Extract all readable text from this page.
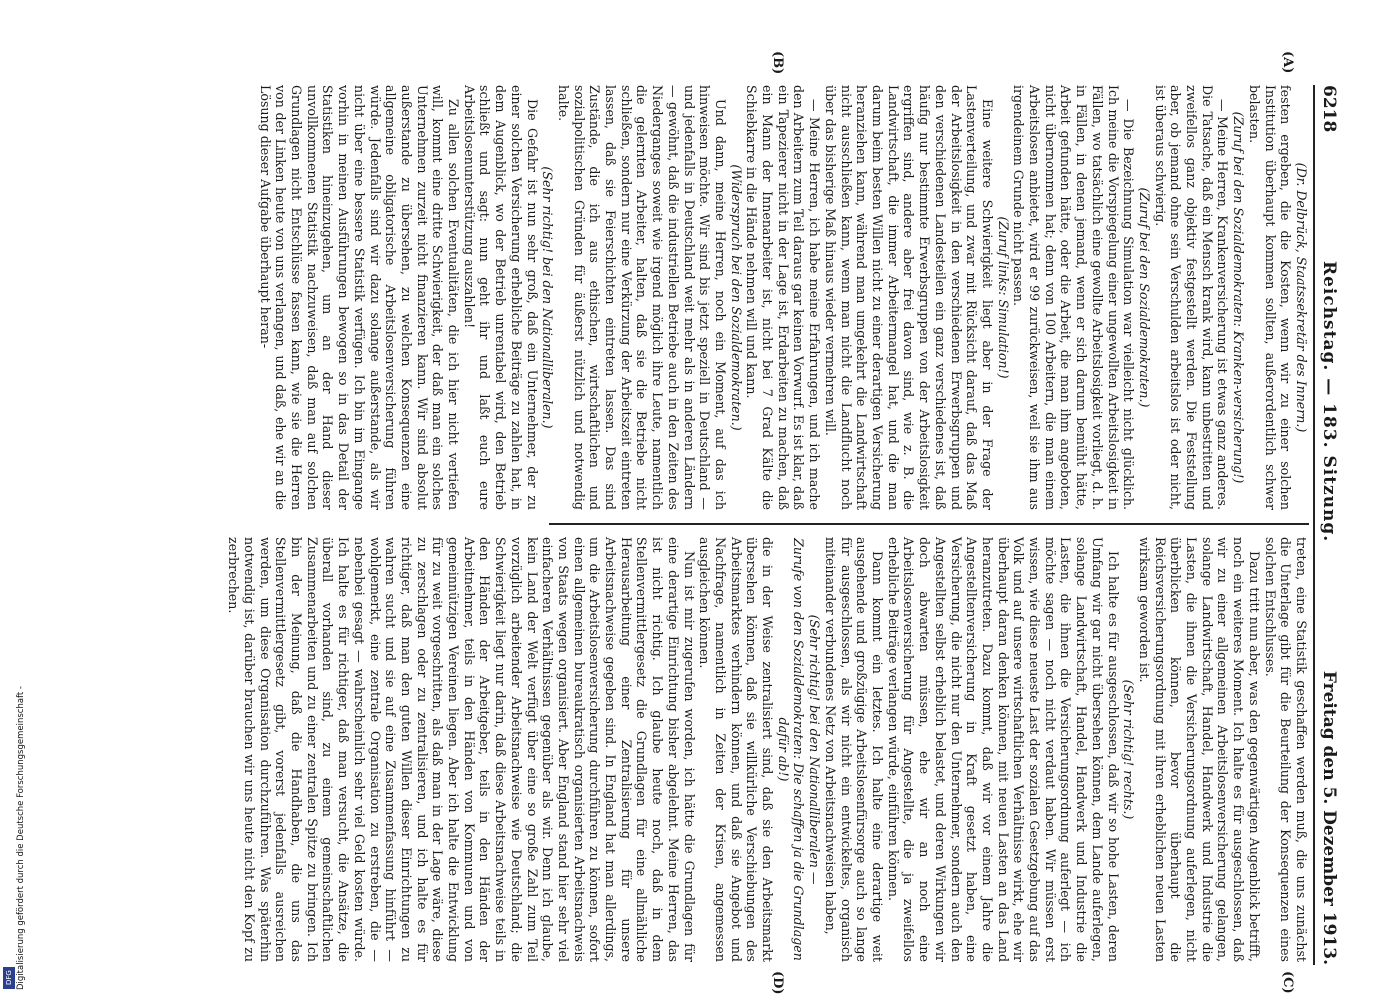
6218
Reichstag. — 183. Sitzung.
Freitag den 5. Dezember 1913.

(Dr. Delbrück, Staatssekretär des Innern.)

festen ergeben, die die Kosten, wenn wir zu einer solchen Institution überhaupt kommen sollten, außerordentlich schwer belasten.

(Zuruf bei den Sozialdemokraten: Kranken-versicherung!)

— Meine Herren, Krankenversicherung ist etwas ganz anderes. Die Tatsache, daß ein Mensch krank wird, kann unbestritten und zweifellos ganz objektiv festgestellt werden. Die Feststellung aber, ob jemand ohne sein Verschulden arbeitslos ist oder nicht, ist überaus schwierig.

(Zuruf bei den Sozialdemokraten.)

— Die Bezeichnung Simulation war vielleicht nicht glücklich. Ich meine die Vorspiegelung einer ungewollten Arbeitslosigkeit in Fällen, wo tatsächlich eine gewollte Arbeitslosigkeit vorliegt, d. h. in Fällen, in denen jemand, wenn er sich darum bemüht hätte, Arbeit gefunden hätte, oder die Arbeit, die man ihm angeboten, nicht übernommen hat; denn von 100 Arbeitern, die man einem Arbeitslosen anbietet, wird er 99 zurückweisen, weil sie ihm aus irgendeinem Grunde nicht passen.

(Zuruf links: Simulation!)

Eine weitere Schwierigkeit liegt aber in der Frage der Lastenverteilung, und zwar mit Rücksicht darauf, daß das Maß der Arbeitslosigkeit in den verschiedenen Erwerbsgruppen und den verschiedenen Landesteilen ein ganz verschiedenes ist, daß häufig nur bestimmte Erwerbsgruppen von der Arbeitslosigkeit ergriffen sind, andere aber frei davon sind, wie z. B. die Landwirtschaft, die immer Arbeitermangel hat, und die man darum beim besten Willen nicht zu einer derartigen Versicherung heranziehen kann, während man umgekehrt die Landwirtschaft nicht ausschließen kann, wenn man nicht die Landflucht noch über das bisherige Maß hinaus wieder vermehren will.

— Meine Herren, ich habe meine Erfahrungen, und ich mache den Arbeitern zum Teil daraus gar keinen Vorwurf. Es ist klar, daß ein Tapezierer nicht in der Lage ist, Erdarbeiten zu machen, daß ein Mann der Innenarbeiter ist, nicht bei 7 Grad Kälte die Schiebkarre in die Hände nehmen will und kann.

(Widerspruch bei den Sozialdemokraten.)

Und dann, meine Herren, noch ein Moment, auf das ich hinweisen möchte. Wir sind bis jetzt speziell in Deutschland — und jedenfalls in Deutschland weit mehr als in anderen Ländern — gewöhnt, daß die industriellen Betriebe auch in den Zeiten des Niederganges soweit wie irgend möglich ihre Leute, namentlich die gelernten Arbeiter, halten, daß sie die Betriebe nicht schließen, sondern nur eine Verkürzung der Arbeitszeit eintreten lassen, daß sie Feierschichten eintreten lassen. Das sind Zustände, die ich aus ethischen, wirtschaftlichen und sozialpolitischen Gründen für äußerst nützlich und notwendig halte.

(Sehr richtig! bei den Nationalliberalen.)

Die Gefahr ist nun sehr groß, daß ein Unternehmer, der zu einer solchen Versicherung erhebliche Beiträge zu zahlen hat, in dem Augenblick, wo der Betrieb unrentabel wird, den Betrieb schließt und sagt: nun geht ihr und laßt euch eure Arbeitslosenunterstützung auszahlen!

Zu allen solchen Eventualitäten, die ich hier nicht vertiefen will, kommt eine dritte Schwierigkeit, der daß man ein solches Unternehmen zurzeit nicht finanzieren kann. Wir sind absolut außerstande zu übersehen, zu welchen Konsequenzen eine allgemeine obligatorische Arbeitslosenversicherung führen würde. Jedenfalls sind wir dazu solange außerstande, als wir nicht über eine bessere Statistik verfügen. Ich bin im Eingange vorhin in meinen Ausführungen bewogen so in das Detail der Statistiken hineinzugehen, um an der Hand dieser unvollkommenen Statistik nachzuweisen, daß man auf solchen Grundlagen nicht Entschlüsse fassen kann, wie sie die Herren von der Linken heute von uns verlangen, und daß, ehe wir an die Lösung dieser Aufgabe überhaupt heran-

treten, eine Statistik geschaffen werden muß, die uns zunächst die Unterlage gibt für die Beurteilung der Konsequenzen eines solchen Entschlusses.

Dazu tritt nun aber, was den gegenwärtigen Augenblick betrifft, noch ein weiteres Moment. Ich halte es für ausgeschlossen, daß wir zu einer allgemeinen Arbeitslosenversicherung gelangen, solange Landwirtschaft, Handel, Handwerk und Industrie die Lasten, die ihnen die Versicherungsordnung auferlegen, nicht überblicken können, bevor überhaupt die Reichsversicherungsordnung mit ihren erheblichen neuen Lasten wirksam geworden ist.

(Sehr richtig! rechts.)

Ich halte es für ausgeschlossen, daß wir so hohe Lasten, deren Umfang wir gar nicht übersehen können, dem Lande auferlegen, solange Landwirtschaft, Handel, Handwerk und Industrie die Lasten, die ihnen die Versicherungsordnung auferlegt — ich möchte sagen — noch nicht verdaut haben. Wir müssen erst wissen, wie diese neueste Last der sozialen Gesetzgebung auf das Volk und auf unsere wirtschaftlichen Verhältnisse wirkt, ehe wir überhaupt daran denken können, mit neuen Lasten an das Land heranzutreten. Dazu kommt, daß wir vor einem Jahre die Angestelltenversicherung in Kraft gesetzt haben, eine Versicherung, die nicht nur den Unternehmer, sondern auch den Angestellten selbst erheblich belastet, und deren Wirkungen wir doch abwarten müssen, ehe wir an noch eine Arbeitslosenversicherung für Angestellte, die ja zweifellos erhebliche Beiträge verlangen würde, einführen können.

Dann kommt ein letztes. Ich halte eine derartige weit ausgehende und großzügige Arbeitslosenfürsorge auch so lange für ausgeschlossen, als wir nicht ein entwickeltes, organisch miteinander verbundenes Netz von Arbeitsnachweisen haben,

(Sehr richtig! bei den Nationalliberalen —

Zurufe von den Sozialdemokraten: Die schaffen ja die Grundlagen dafür ab!)

die in der Weise zentralisiert sind, daß sie den Arbeitsmarkt übersehen können, daß sie willkürliche Verschiebungen des Arbeitsmarktes verhindern können, und daß sie Angebot und Nachfrage, namentlich in Zeiten der Krisen, angemessen ausgleichen können.

Nun ist mir zugerufen worden, ich hätte die Grundlagen für eine derartige Einrichtung bisher abgelehnt. Meine Herren, das ist nicht richtig. Ich glaube heute noch, daß in dem Stellenvermittlergesetz die Grundlagen für eine allmähliche Herausarbeitung einer Zentralisierung für unsere Arbeitsnachweise gegeben sind. In England hat man allerdings, um die Arbeitslosenversicherung durchführen zu können, sofort einen allgemeinen bureaukratisch organisierten Arbeitsnachweis von Staats wegen organisiert. Aber England stand hier sehr viel einfacheren Verhältnissen gegenüber als wir. Denn ich glaube, kein Land der Welt verfügt über eine so große Zahl zum Teil vorzüglich arbeitender Arbeitsnachweise wie Deutschland; die Schwierigkeit liegt nur darin, daß diese Arbeitsnachweise teils in den Händen der Arbeitgeber, teils in den Händen der Arbeitnehmer, teils in den Händen von Kommunen und von gemeinnützigen Vereinen liegen. Aber ich halte die Entwicklung für zu weit vorgeschritten, als daß man in der Lage wäre, diese zu zerschlagen oder zu zentralisieren, und ich halte es für richtiger, daß man den guten Willen dieser Einrichtungen zu wahren sucht und sie auf eine Zusammenfassung hinführt — wohlgemerkt, eine zentrale Organisation zu erstreben, die — nebenbei gesagt — wahrscheinlich sehr viel Geld kosten würde. Ich halte es für richtiger, daß man versucht, die Ansätze, die überall vorhanden sind, zu einem gemeinschaftlichen Zusammenarbeiten und zu einer zentralen Spitze zu bringen. Ich bin der Meinung, daß die Handhaben, die uns das Stellenvermittlergesetz gibt, vorerst jedenfalls ausreichen werden, um diese Organisation durchzuführen. Was späterhin notwendig ist, darüber brauchen wir uns heute nicht den Kopf zu zerbrechen.

(A)
(B)
(C)
(D)
Digitalisierung gefördert durch die Deutsche Forschungsgemeinschaft -
DFG
